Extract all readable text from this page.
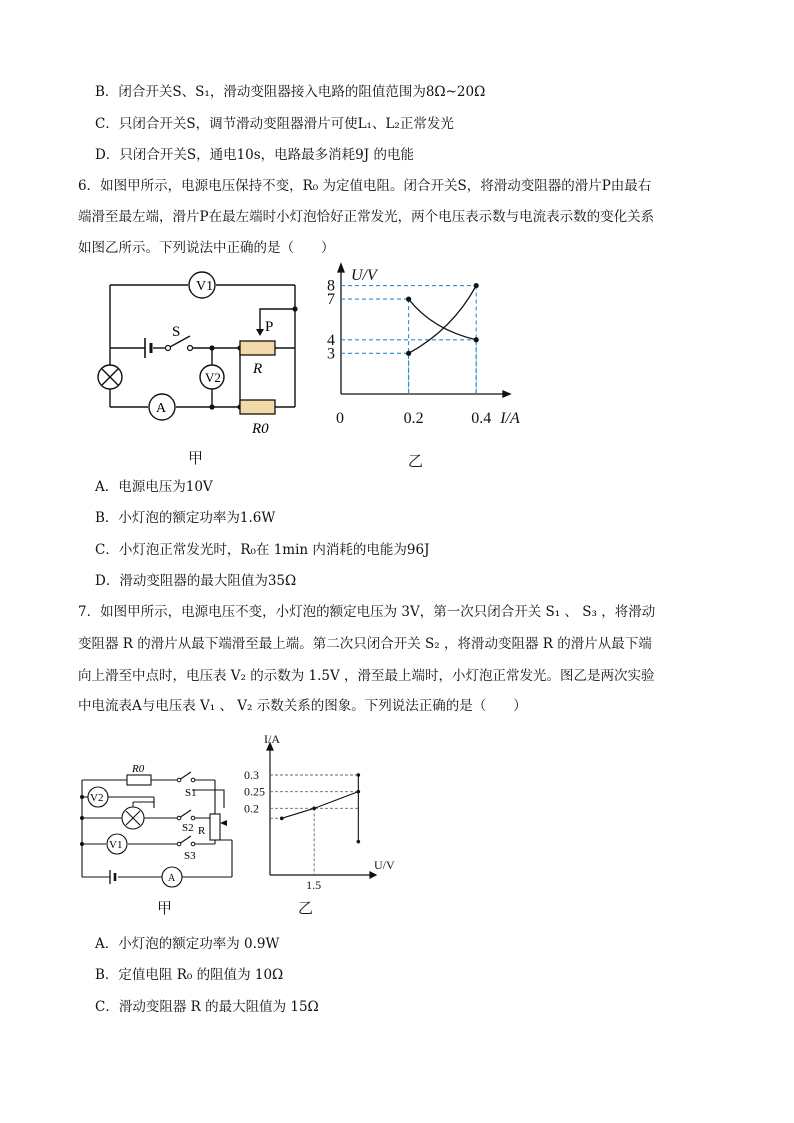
B．闭合开关S、S₁，滑动变阻器接入电路的阻值范围为8Ω~20Ω
C．只闭合开关S，调节滑动变阻器滑片可使L₁、L₂正常发光
D．只闭合开关S，通电10s，电路最多消耗9J 的电能
6．如图甲所示，电源电压保持不变，R₀ 为定值电阻。闭合开关S，将滑动变阻器的滑片P由最右
端滑至最左端，滑片P在最左端时小灯泡恰好正常发光，两个电压表示数与电流表示数的变化关系
如图乙所示。下列说法中正确的是（　　）
V1
V2
A
S	P
R
R0
甲
3
4
7
8
0	0.2	0.4
U/V
I/A
乙
A．电源电压为10V
B．小灯泡的额定功率为1.6W
C．小灯泡正常发光时，R₀在 1min 内消耗的电能为96J
D．滑动变阻器的最大阻值为35Ω
7．如图甲所示，电源电压不变，小灯泡的额定电压为 3V，第一次只闭合开关 S₁ 、 S₃ ，将滑动
变阻器 R 的滑片从最下端滑至最上端。第二次只闭合开关 S₂ ，将滑动变阻器 R 的滑片从最下端
向上滑至中点时，电压表 V₂ 的示数为 1.5V ，滑至最上端时，小灯泡正常发光。图乙是两次实验
中电流表A与电压表 V₁ 、 V₂ 示数关系的图象。下列说法正确的是（　　）
V2
V1
A
R0
S1
S2 R
S3
甲
0.2
0.25
0.3
1.5
I/A
U/V
乙
A．小灯泡的额定功率为 0.9W
B．定值电阻 R₀ 的阻值为 10Ω
C．滑动变阻器 R 的最大阻值为 15Ω
